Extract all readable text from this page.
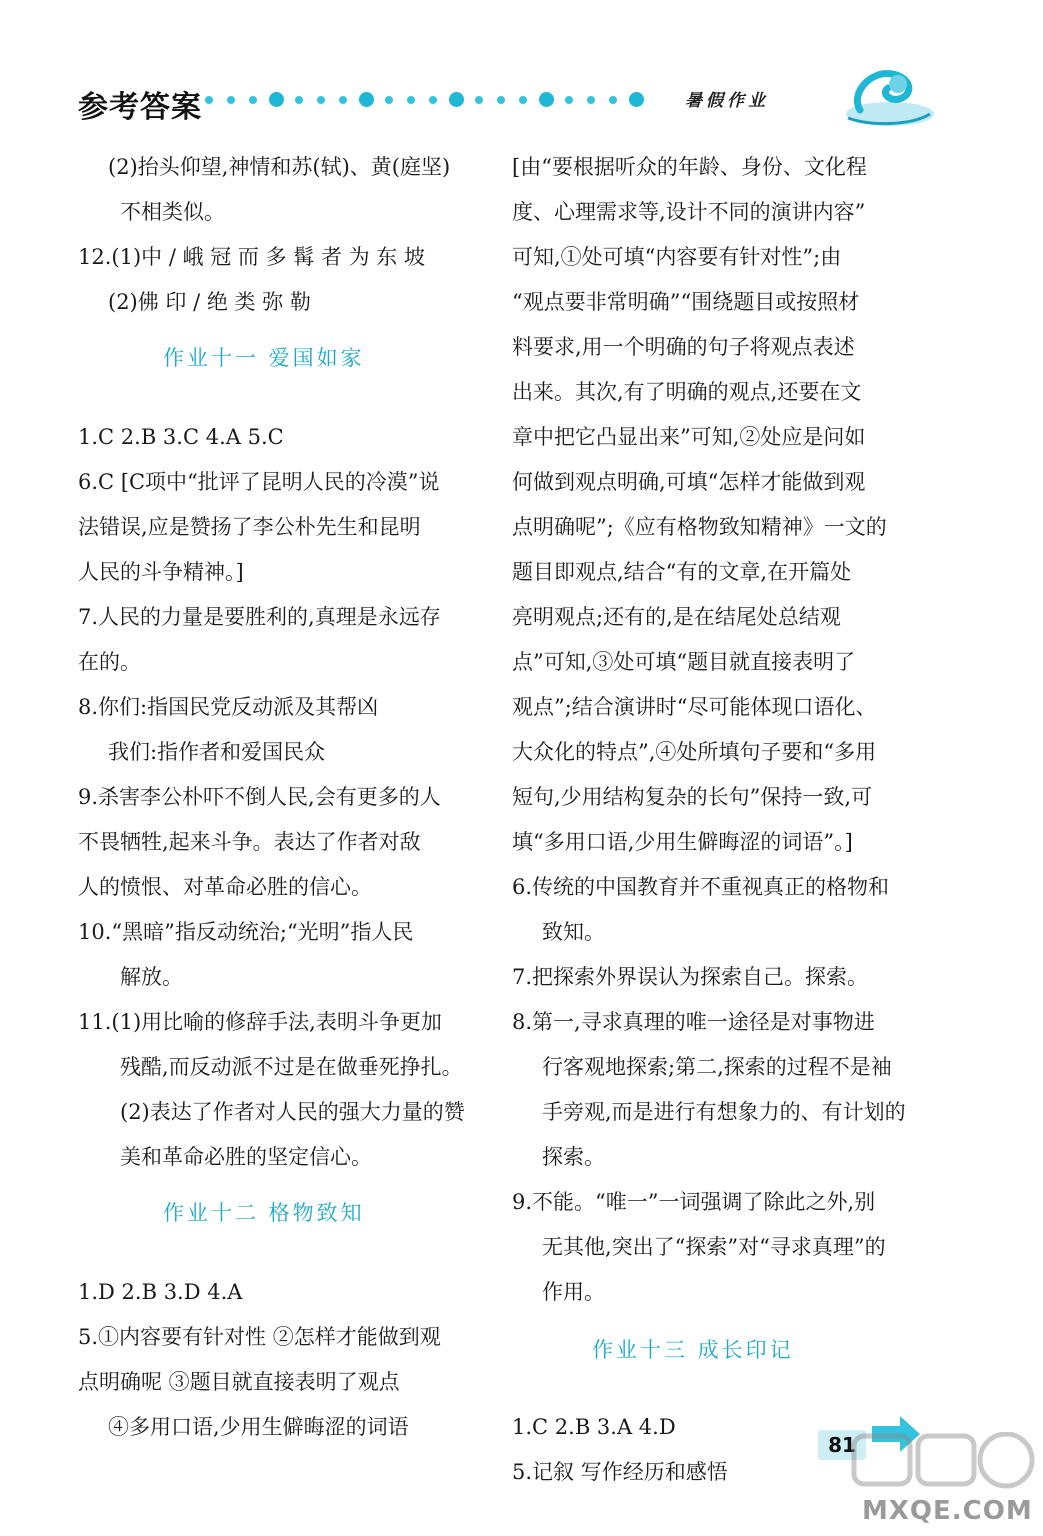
参考答案	暑假作业
(2)抬头仰望,神情和苏(轼)、黄(庭坚)
不相类似。
12.(1)中 / 峨 冠 而 多 髯 者 为 东 坡
(2)佛 印 / 绝 类 弥 勒
1.C 2.B 3.C 4.A 5.C
6.C [C项中“批评了昆明人民的冷漠”说
法错误,应是赞扬了李公朴先生和昆明
人民的斗争精神。]
7.人民的力量是要胜利的,真理是永远存
在的。
8.你们:指国民党反动派及其帮凶
我们:指作者和爱国民众
9.杀害李公朴吓不倒人民,会有更多的人
不畏牺牲,起来斗争。表达了作者对敌
人的愤恨、对革命必胜的信心。
10.“黑暗”指反动统治;“光明”指人民
解放。
11.(1)用比喻的修辞手法,表明斗争更加
残酷,而反动派不过是在做垂死挣扎。
(2)表达了作者对人民的强大力量的赞
美和革命必胜的坚定信心。
1.D 2.B 3.D 4.A
5.①内容要有针对性 ②怎样才能做到观
点明确呢 ③题目就直接表明了观点
④多用口语,少用生僻晦涩的词语
作业十一 爱国如家
作业十二 格物致知
[由“要根据听众的年龄、身份、文化程
度、心理需求等,设计不同的演讲内容”
可知,①处可填“内容要有针对性”;由
“观点要非常明确”“围绕题目或按照材
料要求,用一个明确的句子将观点表述
出来。其次,有了明确的观点,还要在文
章中把它凸显出来”可知,②处应是问如
何做到观点明确,可填“怎样才能做到观
点明确呢”;《应有格物致知精神》一文的
题目即观点,结合“有的文章,在开篇处
亮明观点;还有的,是在结尾处总结观
点”可知,③处可填“题目就直接表明了
观点”;结合演讲时“尽可能体现口语化、
大众化的特点”,④处所填句子要和“多用
短句,少用结构复杂的长句”保持一致,可
填“多用口语,少用生僻晦涩的词语”。]
6.传统的中国教育并不重视真正的格物和
致知。
7.把探索外界误认为探索自己。探索。
8.第一,寻求真理的唯一途径是对事物进
行客观地探索;第二,探索的过程不是袖
手旁观,而是进行有想象力的、有计划的
探索。
9.不能。“唯一”一词强调了除此之外,别
无其他,突出了“探索”对“寻求真理”的
作用。
1.C 2.B 3.A 4.D
5.记叙 写作经历和感悟
作业十三 成长印记
81
MXQE.COM
